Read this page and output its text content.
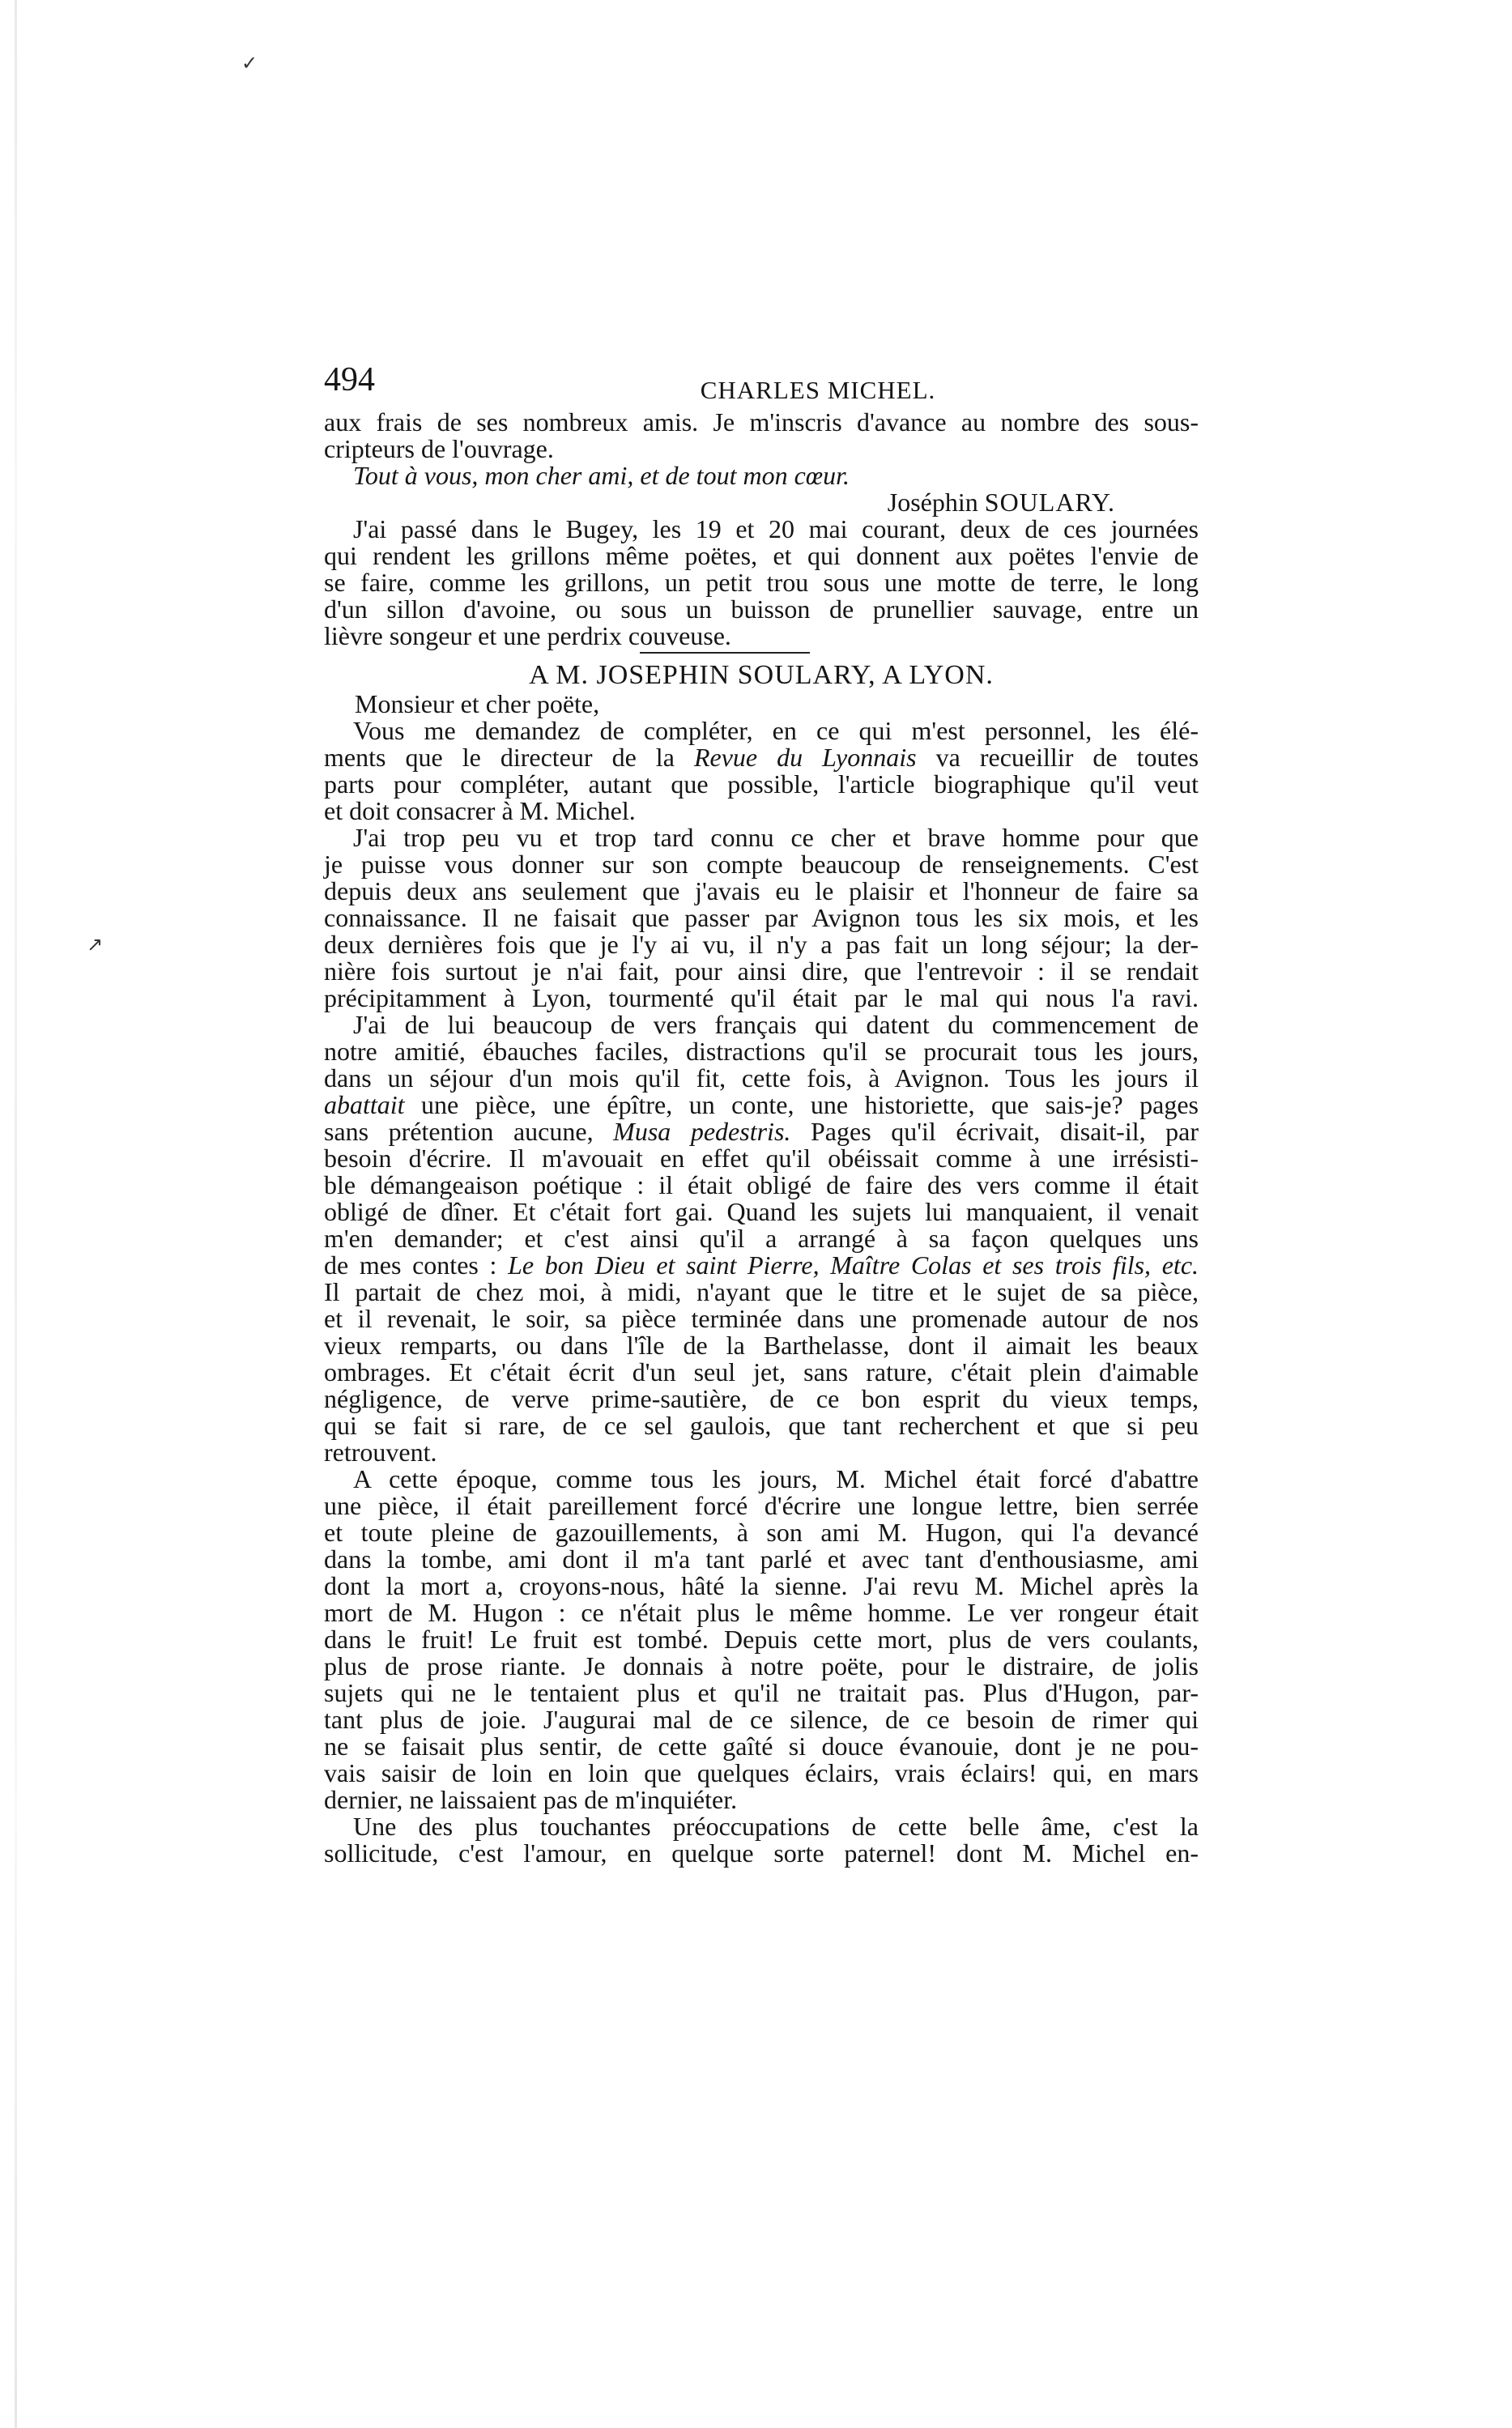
✓
↗
494	CHARLES MICHEL.
aux frais de ses nombreux amis. Je m'inscris d'avance au nombre des sous-
cripteurs de l'ouvrage.
Tout à vous, mon cher ami, et de tout mon cœur.
Joséphin SOULARY.
J'ai passé dans le Bugey, les 19 et 20 mai courant, deux de ces journées
qui rendent les grillons même poëtes, et qui donnent aux poëtes l'envie de
se faire, comme les grillons, un petit trou sous une motte de terre, le long
d'un sillon d'avoine, ou sous un buisson de prunellier sauvage, entre un
lièvre songeur et une perdrix couveuse.
A M. JOSEPHIN SOULARY, A LYON.
Monsieur et cher poëte,
Vous me demandez de compléter, en ce qui m'est personnel, les élé-
ments que le directeur de la Revue du Lyonnais va recueillir de toutes
parts pour compléter, autant que possible, l'article biographique qu'il veut
et doit consacrer à M. Michel.
J'ai trop peu vu et trop tard connu ce cher et brave homme pour que
je puisse vous donner sur son compte beaucoup de renseignements. C'est
depuis deux ans seulement que j'avais eu le plaisir et l'honneur de faire sa
connaissance. Il ne faisait que passer par Avignon tous les six mois, et les
deux dernières fois que je l'y ai vu, il n'y a pas fait un long séjour; la der-
nière fois surtout je n'ai fait, pour ainsi dire, que l'entrevoir : il se rendait
précipitamment à Lyon, tourmenté qu'il était par le mal qui nous l'a ravi.
J'ai de lui beaucoup de vers français qui datent du commencement de
notre amitié, ébauches faciles, distractions qu'il se procurait tous les jours,
dans un séjour d'un mois qu'il fit, cette fois, à Avignon. Tous les jours il
abattait une pièce, une épître, un conte, une historiette, que sais-je? pages
sans prétention aucune, Musa pedestris. Pages qu'il écrivait, disait-il, par
besoin d'écrire. Il m'avouait en effet qu'il obéissait comme à une irrésisti-
ble démangeaison poétique : il était obligé de faire des vers comme il était
obligé de dîner. Et c'était fort gai. Quand les sujets lui manquaient, il venait
m'en demander; et c'est ainsi qu'il a arrangé à sa façon quelques uns
de mes contes : Le bon Dieu et saint Pierre, Maître Colas et ses trois fils, etc.
Il partait de chez moi, à midi, n'ayant que le titre et le sujet de sa pièce,
et il revenait, le soir, sa pièce terminée dans une promenade autour de nos
vieux remparts, ou dans l'île de la Barthelasse, dont il aimait les beaux
ombrages. Et c'était écrit d'un seul jet, sans rature, c'était plein d'aimable
négligence, de verve prime-sautière, de ce bon esprit du vieux temps,
qui se fait si rare, de ce sel gaulois, que tant recherchent et que si peu
retrouvent.
A cette époque, comme tous les jours, M. Michel était forcé d'abattre
une pièce, il était pareillement forcé d'écrire une longue lettre, bien serrée
et toute pleine de gazouillements, à son ami M. Hugon, qui l'a devancé
dans la tombe, ami dont il m'a tant parlé et avec tant d'enthousiasme, ami
dont la mort a, croyons-nous, hâté la sienne. J'ai revu M. Michel après la
mort de M. Hugon : ce n'était plus le même homme. Le ver rongeur était
dans le fruit! Le fruit est tombé. Depuis cette mort, plus de vers coulants,
plus de prose riante. Je donnais à notre poëte, pour le distraire, de jolis
sujets qui ne le tentaient plus et qu'il ne traitait pas. Plus d'Hugon, par-
tant plus de joie. J'augurai mal de ce silence, de ce besoin de rimer qui
ne se faisait plus sentir, de cette gaîté si douce évanouie, dont je ne pou-
vais saisir de loin en loin que quelques éclairs, vrais éclairs! qui, en mars
dernier, ne laissaient pas de m'inquiéter.
Une des plus touchantes préoccupations de cette belle âme, c'est la
sollicitude, c'est l'amour, en quelque sorte paternel! dont M. Michel en-
